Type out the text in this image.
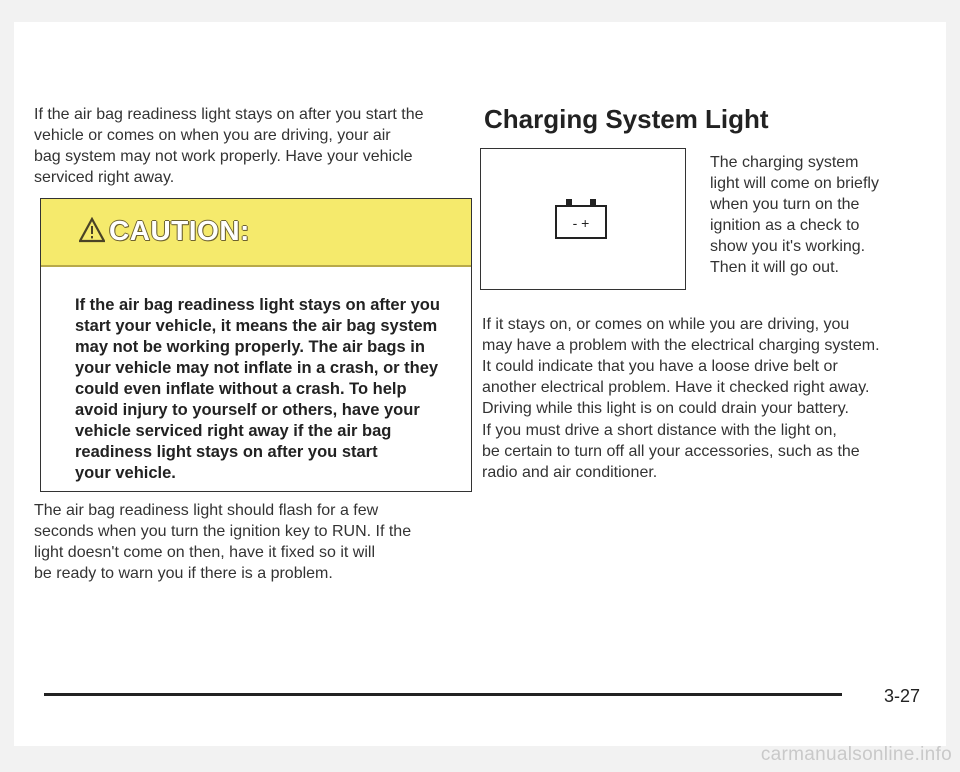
If the air bag readiness light stays on after you start the
vehicle or comes on when you are driving, your air
bag system may not work properly. Have your vehicle
serviced right away.

CAUTION:
If the air bag readiness light stays on after you
start your vehicle, it means the air bag system
may not be working properly. The air bags in
your vehicle may not inflate in a crash, or they
could even inflate without a crash. To help
avoid injury to yourself or others, have your
vehicle serviced right away if the air bag
readiness light stays on after you start
your vehicle.

The air bag readiness light should flash for a few
seconds when you turn the ignition key to RUN. If the
light doesn't come on then, have it fixed so it will
be ready to warn you if there is a problem.

Charging System Light
- +

The charging system
light will come on briefly
when you turn on the
ignition as a check to
show you it's working.
Then it will go out.

If it stays on, or comes on while you are driving, you
may have a problem with the electrical charging system.
It could indicate that you have a loose drive belt or
another electrical problem. Have it checked right away.
Driving while this light is on could drain your battery.

If you must drive a short distance with the light on,
be certain to turn off all your accessories, such as the
radio and air conditioner.

3-27
carmanualsonline.info
